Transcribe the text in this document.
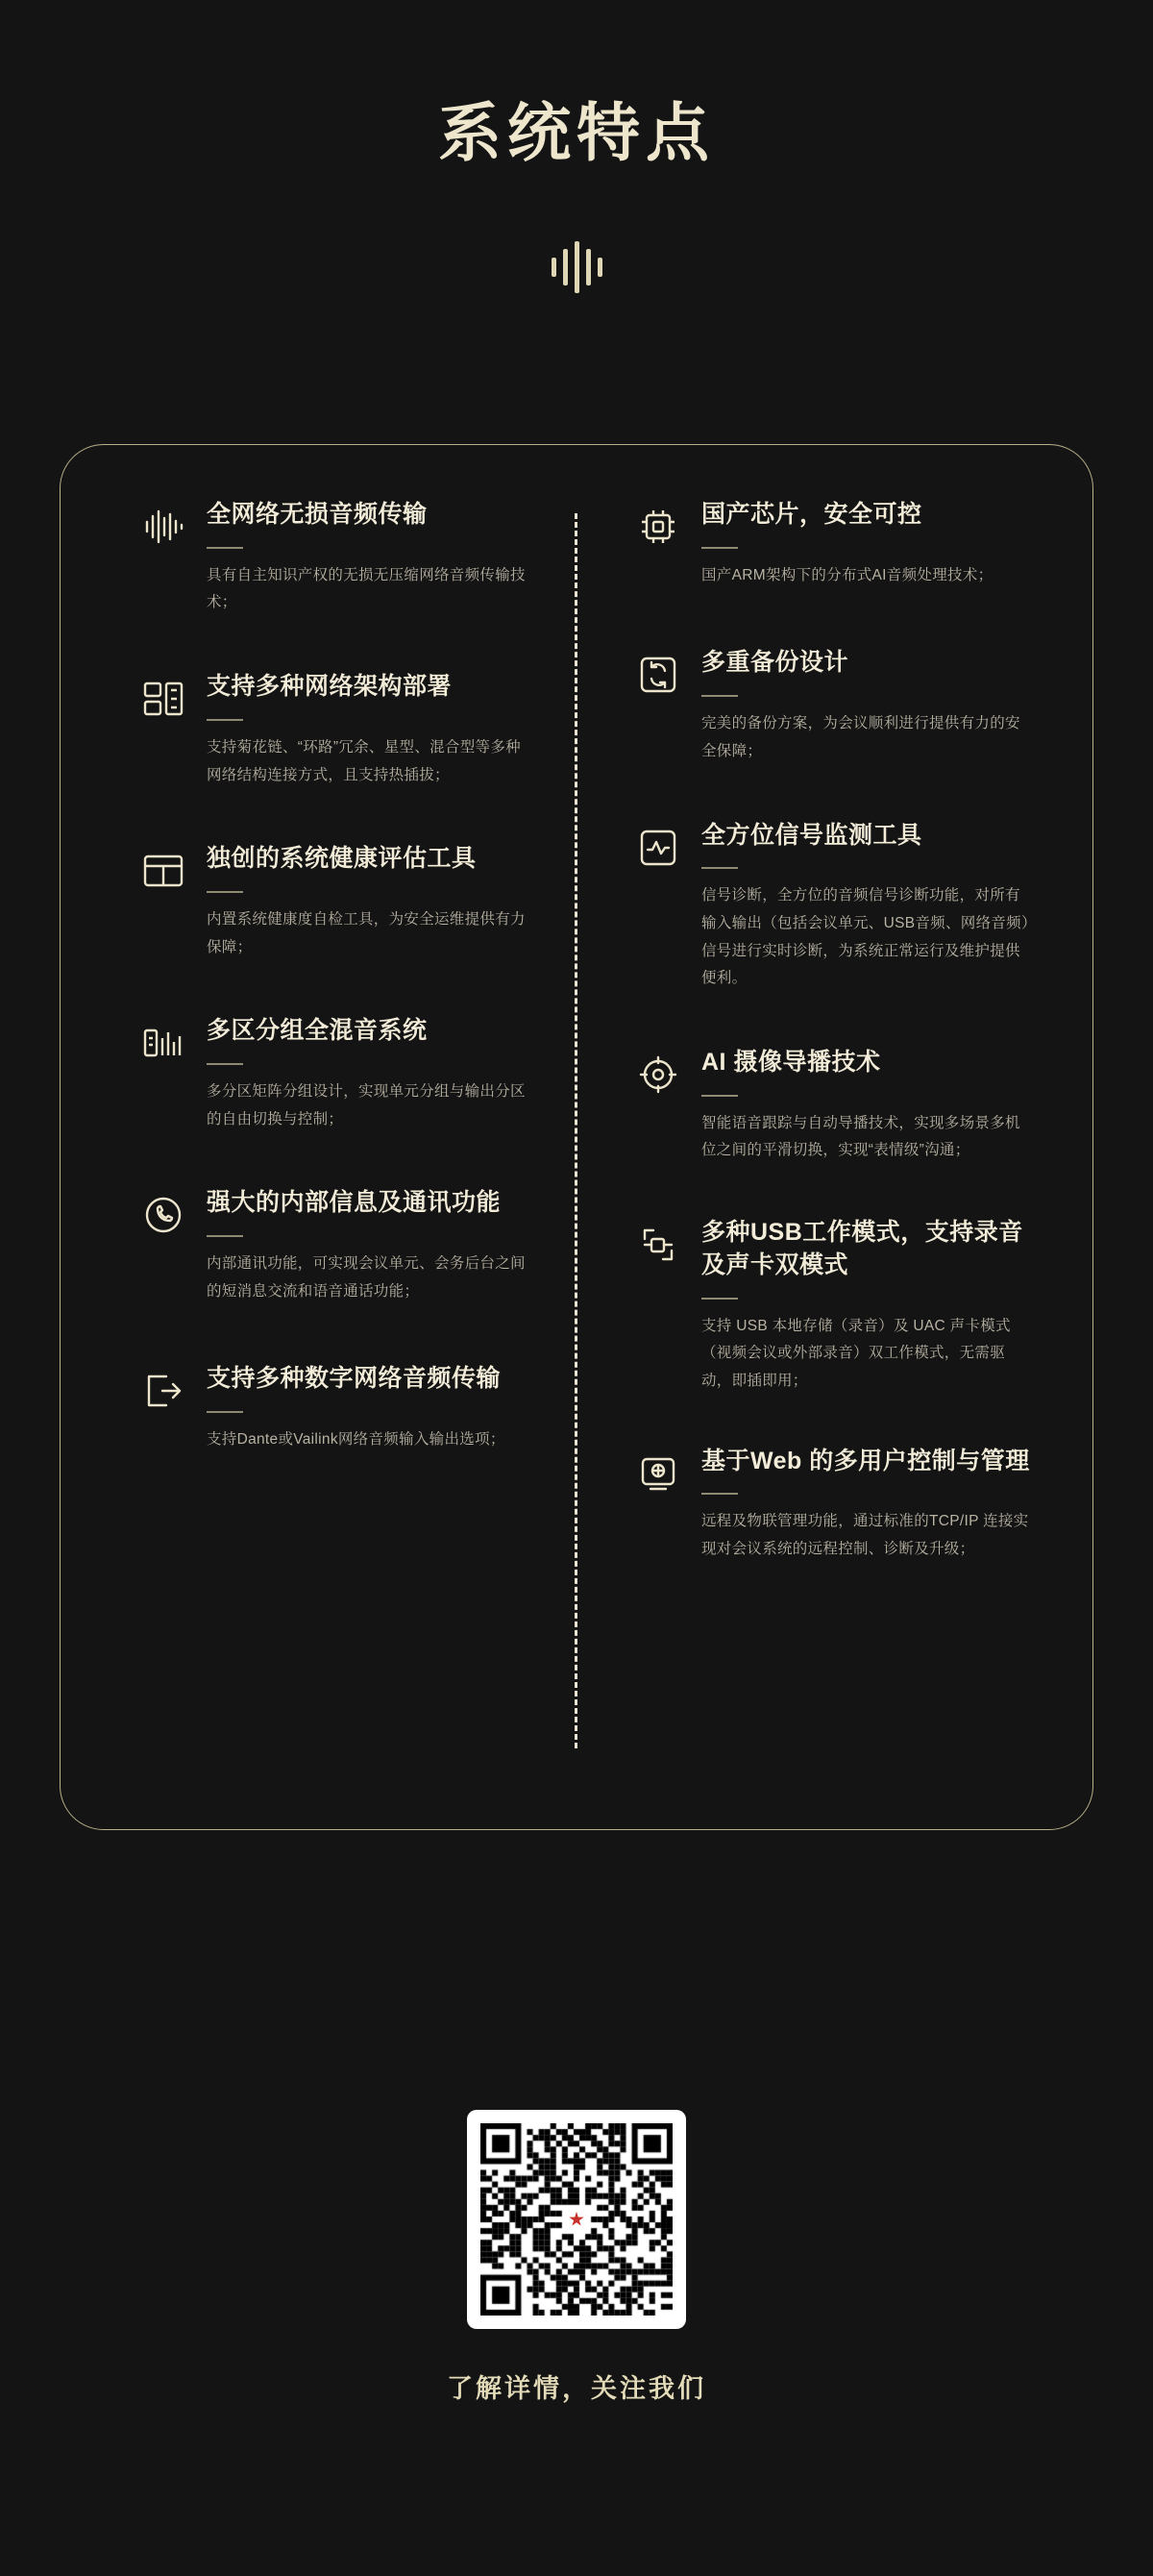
系统特点
全网络无损音频传输

具有自主知识产权的无损无压缩网络音频传输技术；

支持多种网络架构部署

支持菊花链、“环路”冗余、星型、混合型等多种网络结构连接方式，且支持热插拔；

独创的系统健康评估工具

内置系统健康度自检工具，为安全运维提供有力保障；

多区分组全混音系统

多分区矩阵分组设计，实现单元分组与输出分区的自由切换与控制；

强大的内部信息及通讯功能

内部通讯功能，可实现会议单元、会务后台之间的短消息交流和语音通话功能；

支持多种数字网络音频传输

支持Dante或Vailink网络音频输入输出选项；

国产芯片，安全可控

国产ARM架构下的分布式AI音频处理技术；

多重备份设计

完美的备份方案，为会议顺利进行提供有力的安全保障；

全方位信号监测工具

信号诊断，全方位的音频信号诊断功能，对所有输入输出（包括会议单元、USB音频、网络音频）信号进行实时诊断，为系统正常运行及维护提供便利。

AI 摄像导播技术

智能语音跟踪与自动导播技术，实现多场景多机位之间的平滑切换，实现“表情级”沟通；

多种USB工作模式，支持录音及声卡双模式

支持 USB 本地存储（录音）及 UAC 声卡模式（视频会议或外部录音）双工作模式，无需驱动，即插即用；

基于Web 的多用户控制与管理

远程及物联管理功能，通过标准的TCP/IP 连接实现对会议系统的远程控制、诊断及升级；

了解详情，关注我们
